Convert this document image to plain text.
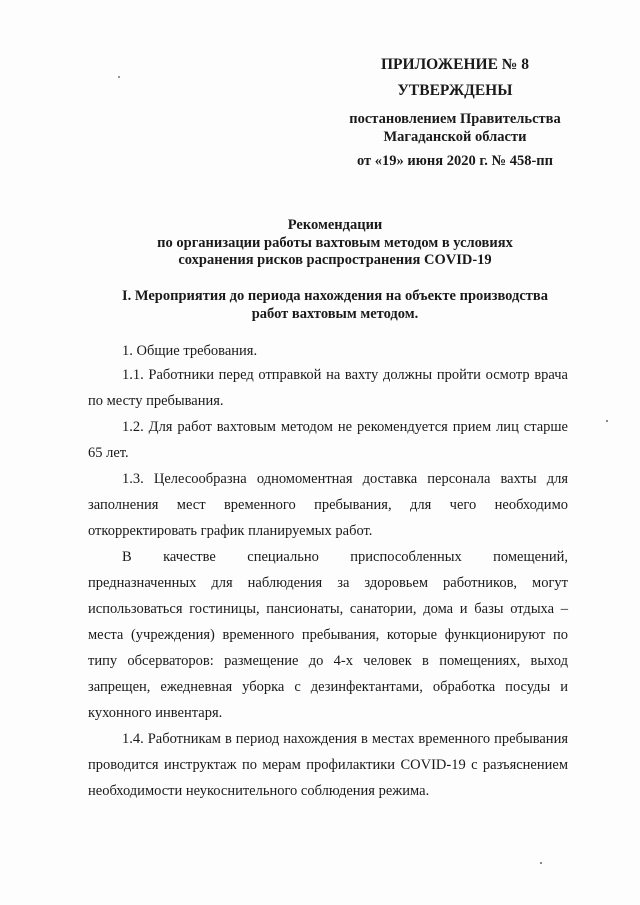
ПРИЛОЖЕНИЕ № 8
УТВЕРЖДЕНЫ
постановлением Правительства
Магаданской области
от «19» июня 2020 г. № 458-пп
Рекомендации
по организации работы вахтовым методом в условиях
сохранения рисков распространения COVID-19
I. Мероприятия до периода нахождения на объекте производства
работ вахтовым методом.

1. Общие требования.

1.1. Работники перед отправкой на вахту должны пройти осмотр врача по месту пребывания.

1.2. Для работ вахтовым методом не рекомендуется прием лиц старше 65 лет.

1.3. Целесообразна одномоментная доставка персонала вахты для заполнения мест временного пребывания, для чего необходимо откорректировать график планируемых работ.

В качестве специально приспособленных помещений, предназначенных для наблюдения за здоровьем работников, могут использоваться гостиницы, пансионаты, санатории, дома и базы отдыха – места (учреждения) временного пребывания, которые функционируют по типу обсерваторов: размещение до 4-х человек в помещениях, выход запрещен, ежедневная уборка с дезинфектантами, обработка посуды и кухонного инвентаря.

1.4. Работникам в период нахождения в местах временного пребывания проводится инструктаж по мерам профилактики COVID-19 с разъяснением необходимости неукоснительного соблюдения режима.
